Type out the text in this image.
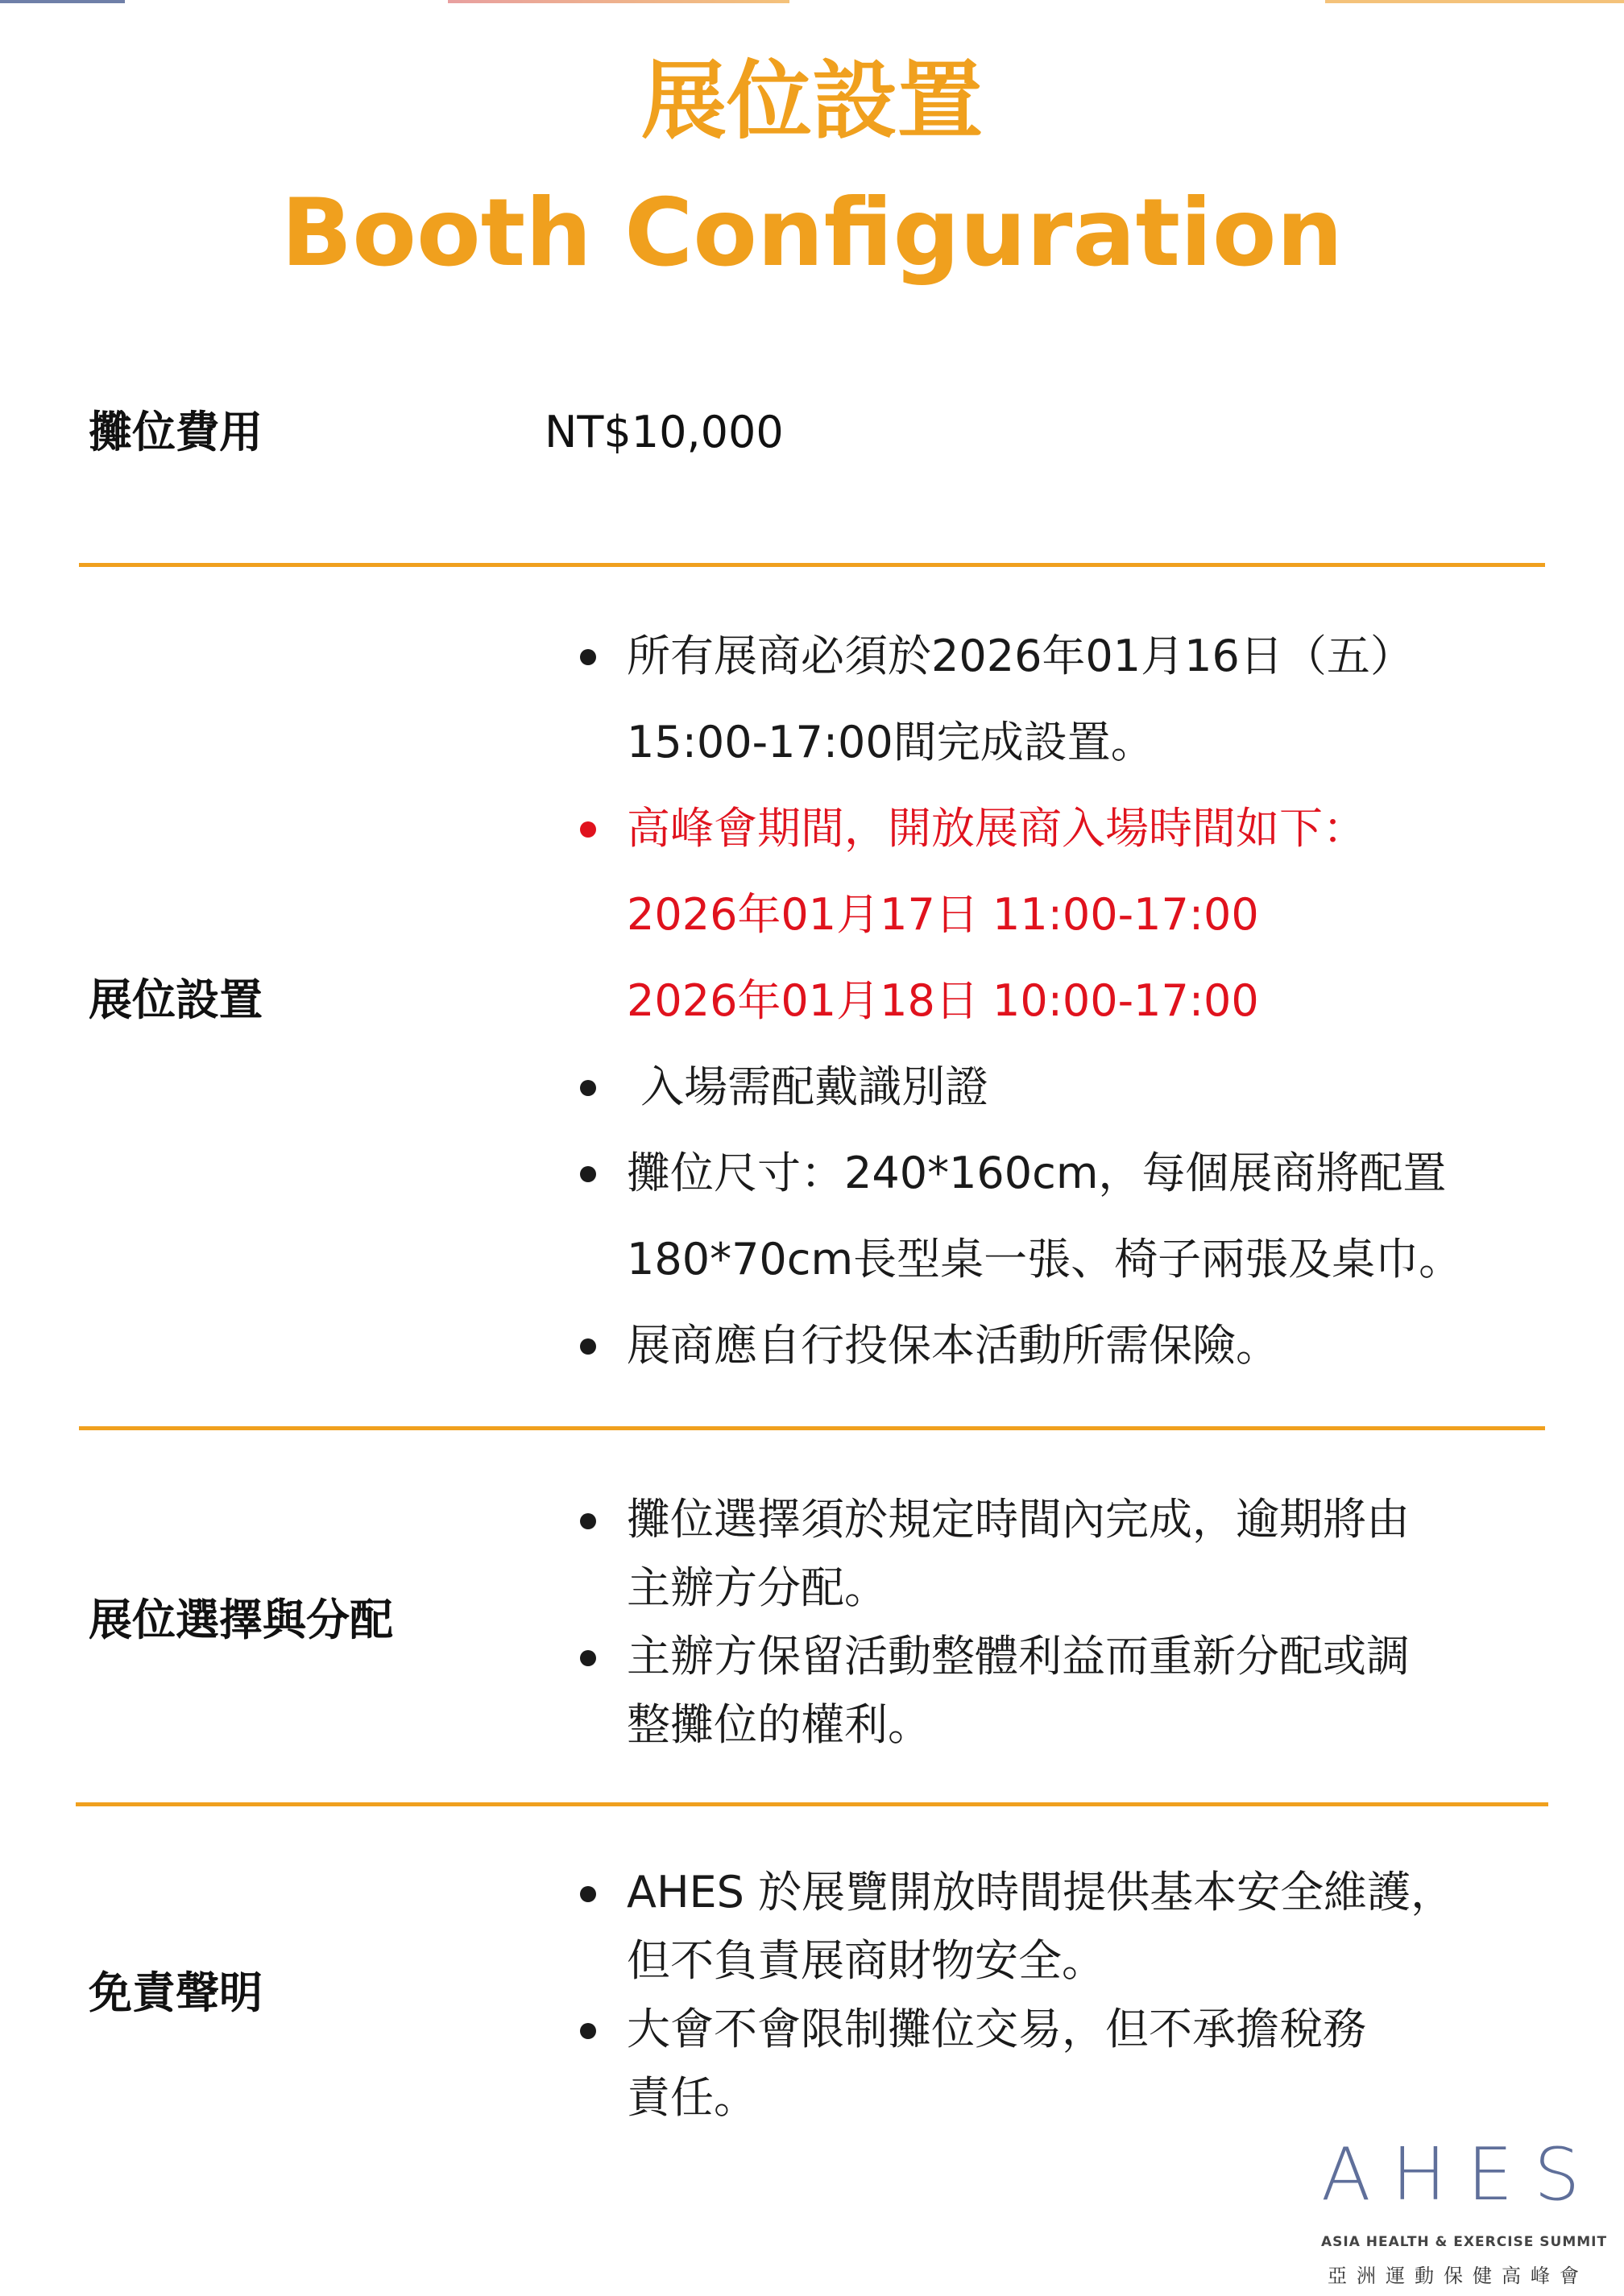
展位設置
Booth Configuration
攤位費用	NT$10,000
展位設置
所有展商必須於2026年01月16日（五）
15:00-17:00間完成設置。
高峰會期間，開放展商入場時間如下：
2026年01月17日 11:00-17:00
2026年01月18日 10:00-17:00
入場需配戴識別證
攤位尺寸：240*160cm，每個展商將配置
180*70cm長型桌一張、椅子兩張及桌巾。
展商應自行投保本活動所需保險。
展位選擇與分配
攤位選擇須於規定時間內完成，逾期將由
主辦方分配。
主辦方保留活動整體利益而重新分配或調
整攤位的權利。
免責聲明
AHES 於展覽開放時間提供基本安全維護，
但不負責展商財物安全。
大會不會限制攤位交易，但不承擔稅務
責任。
AHES
ASIA HEALTH & EXERCISE SUMMIT
亞洲運動保健高峰會
